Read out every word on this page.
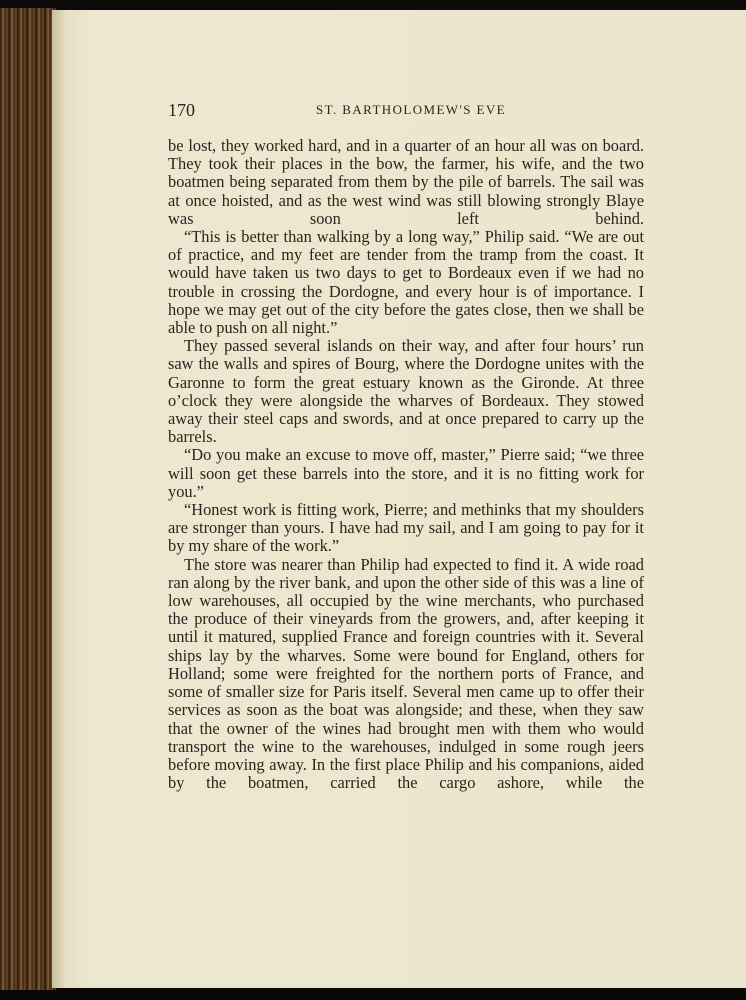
170	ST. BARTHOLOMEW'S EVE

be lost, they worked hard, and in a quarter of an hour all was on board. They took their places in the bow, the farmer, his wife, and the two boatmen being separated from them by the pile of barrels. The sail was at once hoisted, and as the west wind was still blowing strongly Blaye was soon left behind.

“This is better than walking by a long way,” Philip said. “We are out of practice, and my feet are tender from the tramp from the coast. It would have taken us two days to get to Bordeaux even if we had no trouble in crossing the Dordogne, and every hour is of importance. I hope we may get out of the city before the gates close, then we shall be able to push on all night.”

They passed several islands on their way, and after four hours’ run saw the walls and spires of Bourg, where the Dordogne unites with the Garonne to form the great estuary known as the Gironde. At three o’clock they were alongside the wharves of Bordeaux. They stowed away their steel caps and swords, and at once prepared to carry up the barrels.

“Do you make an excuse to move off, master,” Pierre said; “we three will soon get these barrels into the store, and it is no fitting work for you.”

“Honest work is fitting work, Pierre; and methinks that my shoulders are stronger than yours. I have had my sail, and I am going to pay for it by my share of the work.”

The store was nearer than Philip had expected to find it. A wide road ran along by the river bank, and upon the other side of this was a line of low warehouses, all occupied by the wine merchants, who purchased the produce of their vineyards from the growers, and, after keeping it until it matured, supplied France and foreign countries with it. Several ships lay by the wharves. Some were bound for England, others for Holland; some were freighted for the northern ports of France, and some of smaller size for Paris itself. Several men came up to offer their services as soon as the boat was alongside; and these, when they saw that the owner of the wines had brought men with them who would transport the wine to the warehouses, indulged in some rough jeers before moving away. In the first place Philip and his companions, aided by the boatmen, carried the cargo ashore, while the
